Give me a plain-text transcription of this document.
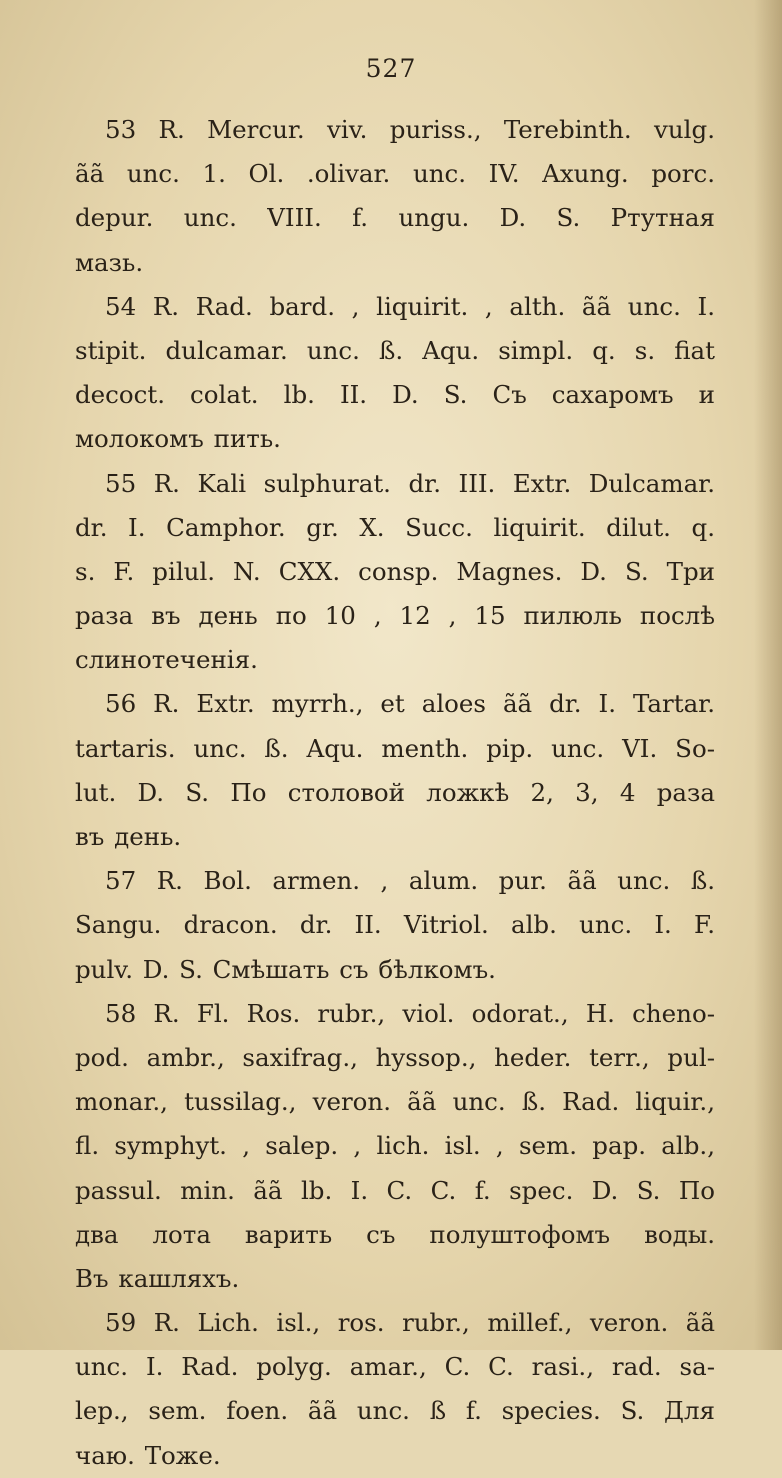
527
53 R. Mercur. viv. puriss., Terebinth. vulg.
ãã unc. 1. Ol. .olivar. unc. IV. Axung. porc.
depur. unc. VIII. f. ungu. D. S. Ртутная
мазь.
54 R. Rad. bard. , liquirit. , alth. ãã unc. I.
stipit. dulcamar. unc. ß. Aqu. simpl. q. s. fiat
decoct. colat. lb. II. D. S. Съ сахаромъ и
молокомъ пить.
55 R. Kali sulphurat. dr. III. Extr. Dulcamar.
dr. I. Camphor. gr. X. Succ. liquirit. dilut. q.
s. F. pilul. N. CXX. consp. Magnes. D. S. Три
раза въ день по 10 , 12 , 15 пилюль послѣ
слинотеченія.
56 R. Extr. myrrh., et aloes ãã dr. I. Tartar.
tartaris. unc. ß. Aqu. menth. pip. unc. VI. So-
lut. D. S. По столовой ложкѣ 2, 3, 4 раза
въ день.
57 R. Bol. armen. , alum. pur. ãã unc. ß.
Sangu. dracon. dr. II. Vitriol. alb. unc. I. F.
pulv. D. S. Смѣшать съ бѣлкомъ.
58 R. Fl. Ros. rubr., viol. odorat., H. cheno-
pod. ambr., saxifrag., hyssop., heder. terr., pul-
monar., tussilag., veron. ãã unc. ß. Rad. liquir.,
fl. symphyt. , salep. , lich. isl. , sem. pap. alb.,
passul. min. ãã lb. I. C. C. f. spec. D. S. По
два лота варить съ полуштофомъ воды.
Въ кашляхъ.
59 R. Lich. isl., ros. rubr., millef., veron. ãã
unc. I. Rad. polyg. amar., C. C. rasi., rad. sa-
lep., sem. foen. ãã unc. ß f. species. S. Для
чаю. Тоже.
